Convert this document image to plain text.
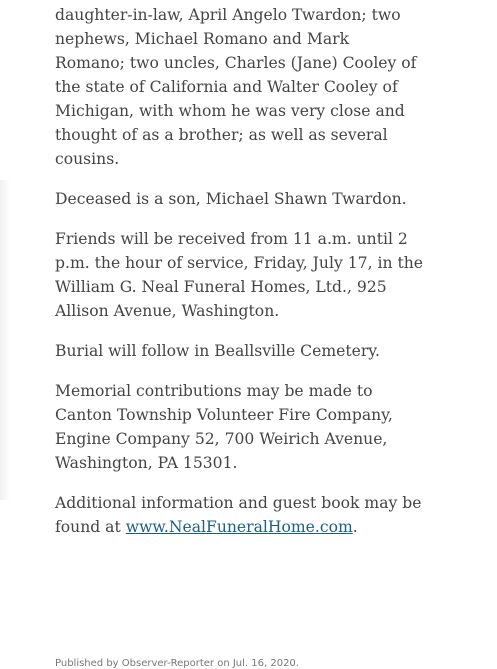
daughter-in-law, April Angelo Twardon; two nephews, Michael Romano and Mark Romano; two uncles, Charles (Jane) Cooley of the state of California and Walter Cooley of Michigan, with whom he was very close and thought of as a brother; as well as several cousins.

Deceased is a son, Michael Shawn Twardon.

Friends will be received from 11 a.m. until 2 p.m. the hour of service, Friday, July 17, in the William G. Neal Funeral Homes, Ltd., 925 Allison Avenue, Washington.

Burial will follow in Beallsville Cemetery.

Memorial contributions may be made to Canton Township Volunteer Fire Company, Engine Company 52, 700 Weirich Avenue, Washington, PA 15301.

Additional information and guest book may be found at www.NealFuneralHome.com.

Published by Observer-Reporter on Jul. 16, 2020.
